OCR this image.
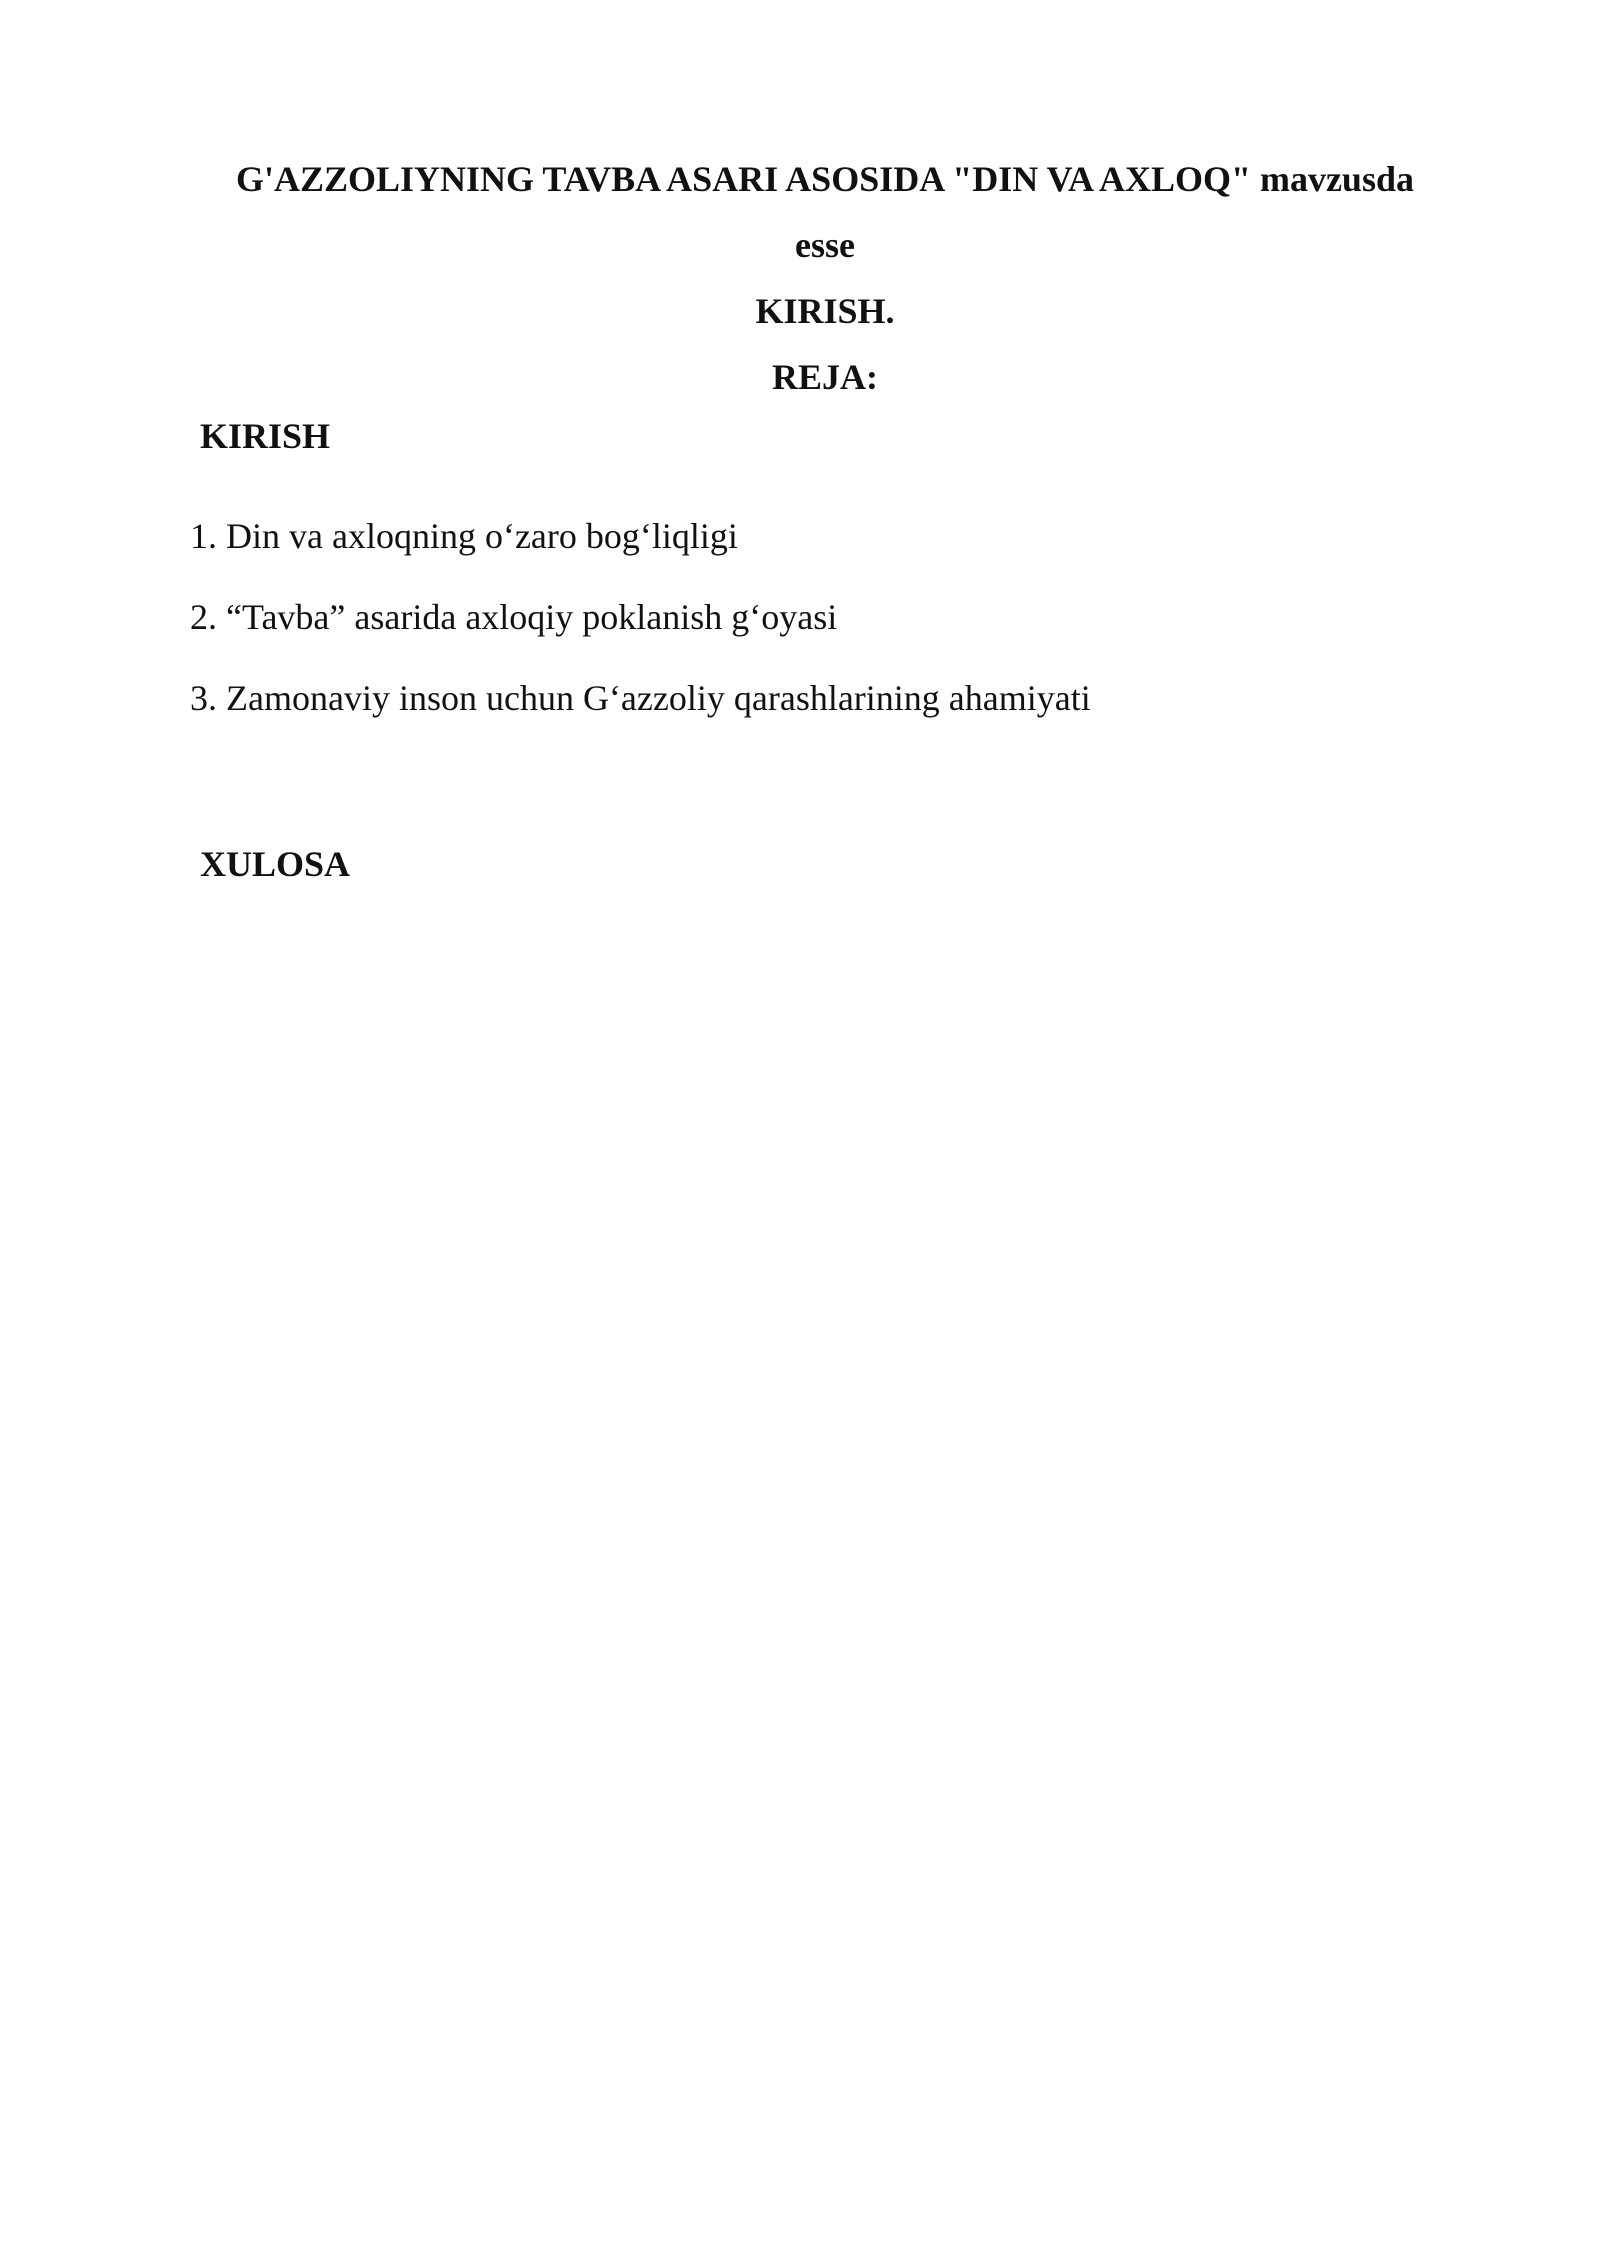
G'AZZOLIYNING TAVBA ASARI ASOSIDA "DIN VA AXLOQ" mavzusda
esse
KIRISH.
REJA:
KIRISH
1. Din va axloqning o‘zaro bog‘liqligi
2. “Tavba” asarida axloqiy poklanish g‘oyasi
3. Zamonaviy inson uchun G‘azzoliy qarashlarining ahamiyati
XULOSA
